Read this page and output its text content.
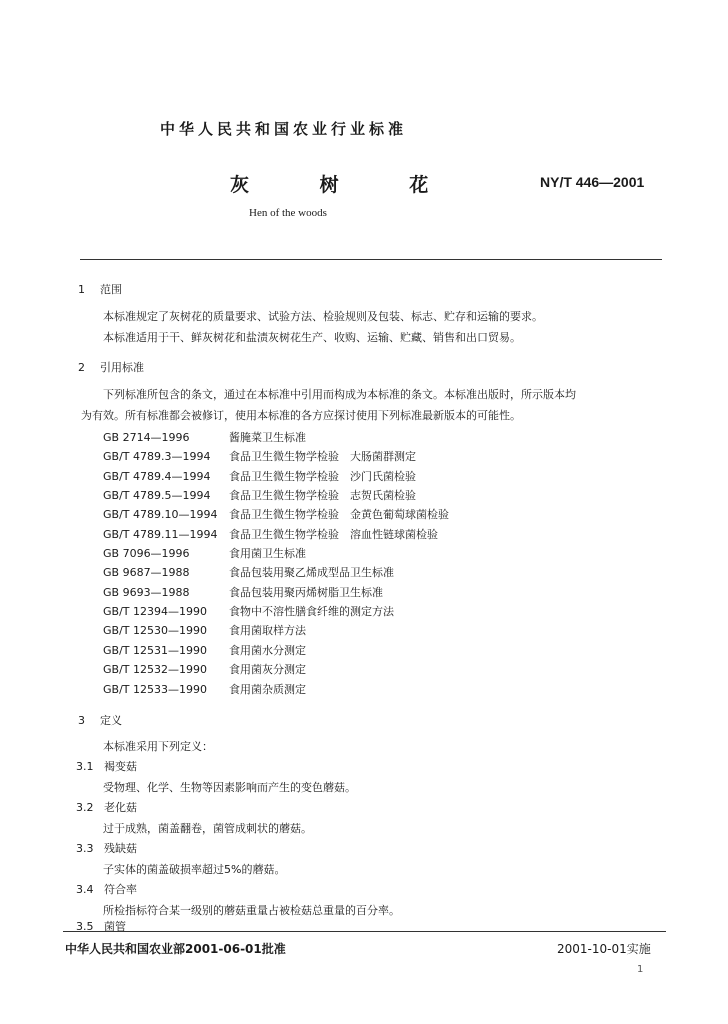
中华人民共和国农业行业标准
灰 树 花	NY/T 446—2001
Hen of the woods
1 范围
本标准规定了灰树花的质量要求、试验方法、检验规则及包装、标志、贮存和运输的要求。
本标准适用于干、鲜灰树花和盐渍灰树花生产、收购、运输、贮藏、销售和出口贸易。
2 引用标准
下列标准所包含的条文，通过在本标准中引用而构成为本标准的条文。本标准出版时，所示版本均
为有效。所有标准都会被修订，使用本标准的各方应探讨使用下列标准最新版本的可能性。
GB 2714—1996	酱腌菜卫生标准
GB/T 4789.3—1994 食品卫生微生物学检验　大肠菌群测定
GB/T 4789.4—1994 食品卫生微生物学检验　沙门氏菌检验
GB/T 4789.5—1994 食品卫生微生物学检验　志贺氏菌检验
GB/T 4789.10—1994 食品卫生微生物学检验　金黄色葡萄球菌检验
GB/T 4789.11—1994 食品卫生微生物学检验　溶血性链球菌检验
GB 7096—1996	食用菌卫生标准
GB 9687—1988	食品包装用聚乙烯成型品卫生标准
GB 9693—1988	食品包装用聚丙烯树脂卫生标准
GB/T 12394—1990 食物中不溶性膳食纤维的测定方法
GB/T 12530—1990 食用菌取样方法
GB/T 12531—1990 食用菌水分测定
GB/T 12532—1990 食用菌灰分测定
GB/T 12533—1990 食用菌杂质测定
3 定义
本标准采用下列定义：
3.1 褐变菇
受物理、化学、生物等因素影响而产生的变色蘑菇。
3.2 老化菇
过于成熟，菌盖翻卷，菌管成刺状的蘑菇。
3.3 残缺菇
子实体的菌盖破损率超过5%的蘑菇。
3.4 符合率
所检指标符合某一级别的蘑菇重量占被检菇总重量的百分率。
3.5 菌管
中华人民共和国农业部2001-06-01批准	2001-10-01实施
1
